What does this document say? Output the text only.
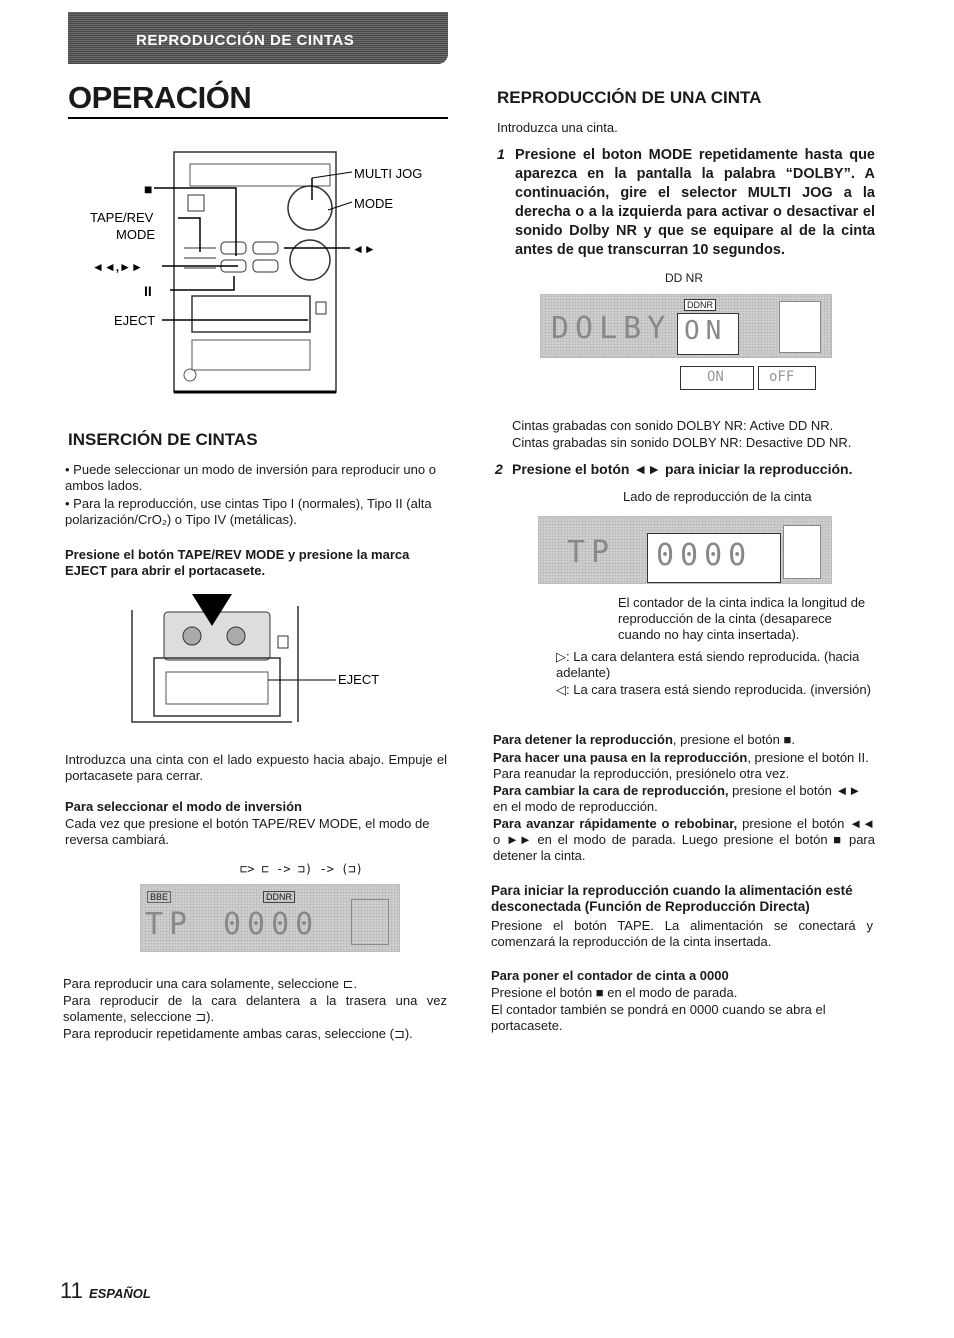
REPRODUCCIÓN DE CINTAS
OPERACIÓN
■
MULTI JOG
MODE
TAPE/REV
MODE
◄►
◄◄,►►
II
EJECT
INSERCIÓN DE CINTAS
• Puede seleccionar un modo de inversión para reproducir uno o ambos lados.
• Para la reproducción, use cintas Tipo I (normales), Tipo II (alta polarización/CrO₂) o Tipo IV (metálicas).
Presione el botón TAPE/REV MODE y presione la marca EJECT para abrir el portacasete.
EJECT
Introduzca una cinta con el lado expuesto hacia abajo. Empuje el portacasete para cerrar.
Para seleccionar el modo de inversión
Cada vez que presione el botón TAPE/REV MODE, el modo de reversa cambiará.
⊏> ⊏ -> ⊐) -> (⊐)
BBE	DDNR
TP 0000
Para reproducir una cara solamente, seleccione ⊏.
Para reproducir de la cara delantera a la trasera una vez solamente, seleccione ⊐).
Para reproducir repetidamente ambas caras, seleccione (⊐).
REPRODUCCIÓN DE UNA CINTA
Introduzca una cinta.
1 Presione el boton MODE repetidamente hasta que aparezca en la pantalla la palabra “DOLBY”. A continuación, gire el selector MULTI JOG a la derecha o a la izquierda para activar o desactivar el sonido Dolby NR y que se equipare al de la cinta antes de que transcurran 10 segundos.
DD NR
DOLBY
DDNR
ON
ON	oFF
Cintas grabadas con sonido DOLBY NR: Active DD NR.
Cintas grabadas sin sonido DOLBY NR: Desactive DD NR.
2 Presione el botón ◄► para iniciar la reproducción.
Lado de reproducción de la cinta
TP 0000
El contador de la cinta indica la longitud de reproducción de la cinta (desaparece cuando no hay cinta insertada).
▷: La cara delantera está siendo reproducida. (hacia adelante)
◁: La cara trasera está siendo reproducida. (inversión)
Para detener la reproducción, presione el botón ■.
Para hacer una pausa en la reproducción, presione el botón II. Para reanudar la reproducción, presiónelo otra vez.
Para cambiar la cara de reproducción, presione el botón ◄► en el modo de reproducción.
Para avanzar rápidamente o rebobinar, presione el botón ◄◄ o ►► en el modo de parada. Luego presione el botón ■ para detener la cinta.
Para iniciar la reproducción cuando la alimentación esté desconectada (Función de Reproducción Directa)
Presione el botón TAPE. La alimentación se conectará y comenzará la reproducción de la cinta insertada.
Para poner el contador de cinta a 0000
Presione el botón ■ en el modo de parada.
El contador también se pondrá en 0000 cuando se abra el portacasete.
11 ESPAÑOL
